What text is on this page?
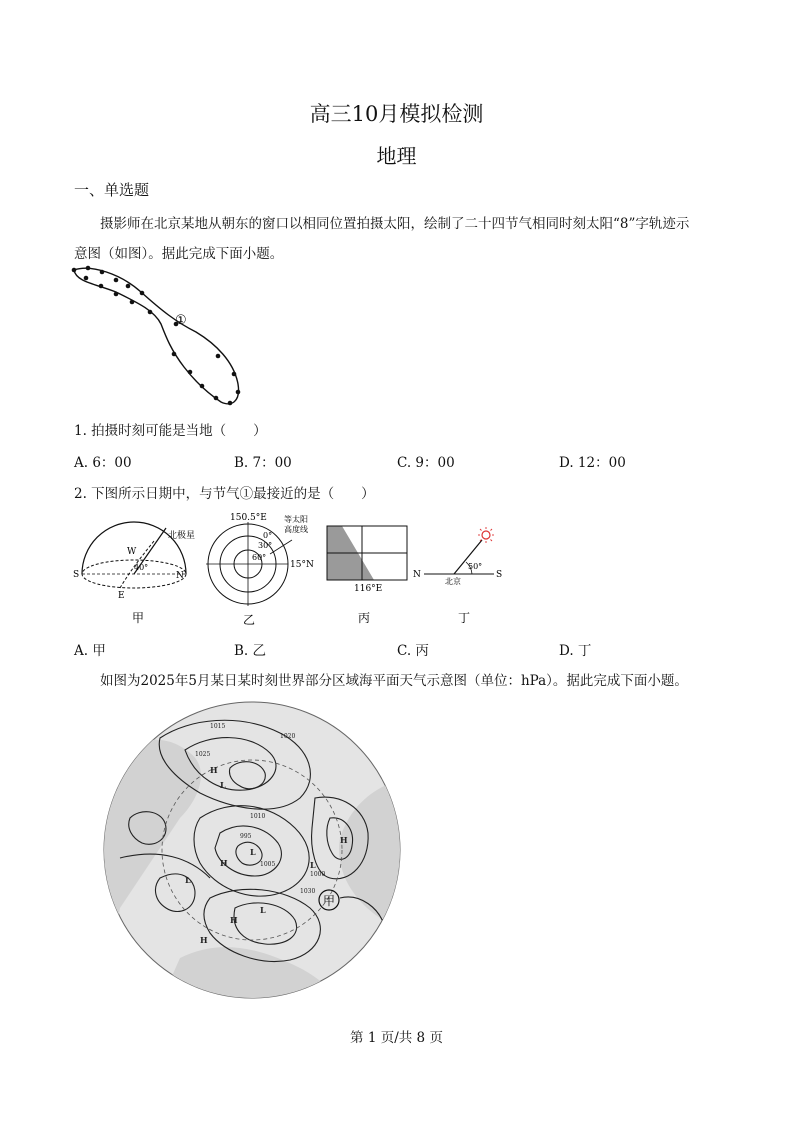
高三10月模拟检测
地理
一、单选题
摄影师在北京某地从朝东的窗口以相同位置拍摄太阳，绘制了二十四节气相同时刻太阳“8”字轨迹示
意图（如图）。据此完成下面小题。
①
1. 拍摄时刻可能是当地（　　）
A. 6：00	B. 7：00	C. 9：00	D. 12：00
2. 下图所示日期中，与节气①最接近的是（　　）
北极星
W
40°
S	N
E
甲
150.5°E 等太阳
高度线
0°
30°
60°
15°N
乙
116°E
丙
N	S
北京
50°
丁
A. 甲	B. 乙	C. 丙	D. 丁
如图为2025年5月某日某时刻世界部分区域海平面天气示意图（单位：hPa）。据此完成下面小题。
1015
1020
1025
1010
1005
1000
995
1030
H
L
H
L
H	L
H
L
L
H
甲
第 1 页/共 8 页
